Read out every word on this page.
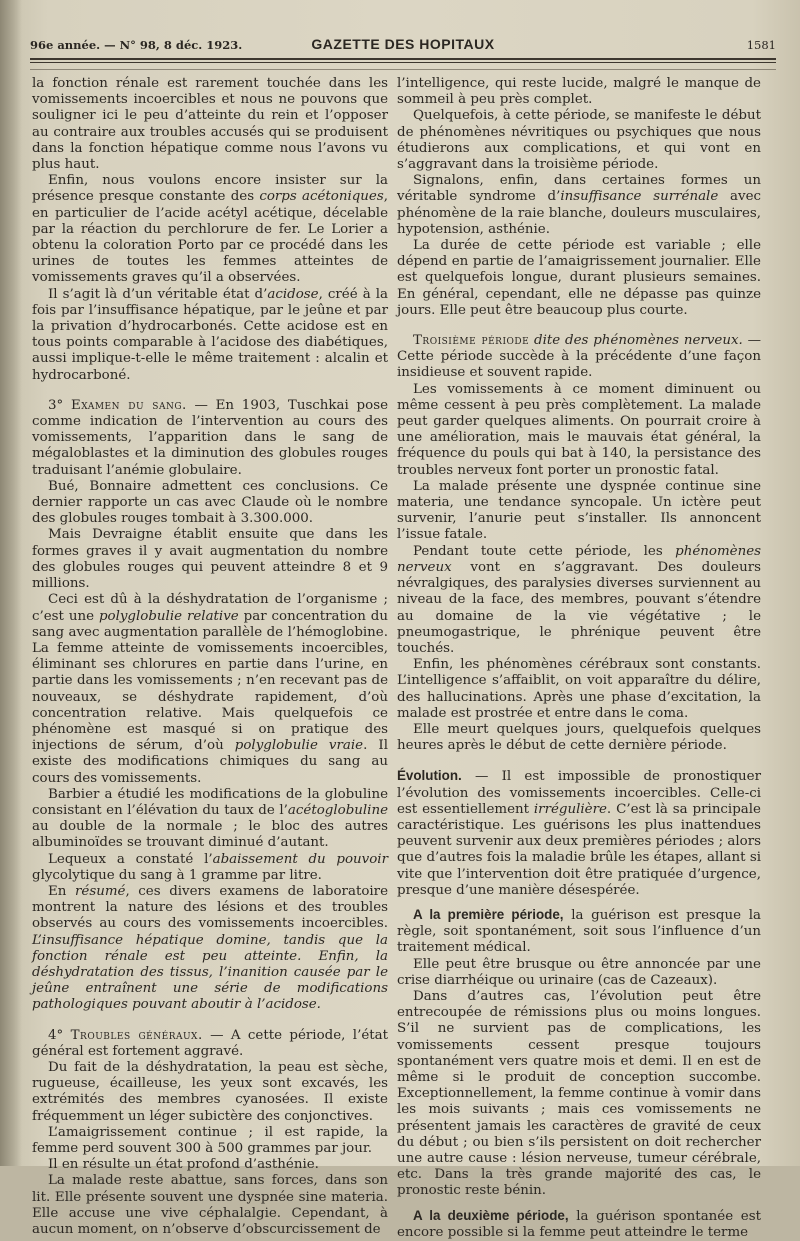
96e année. — N° 98, 8 déc. 1923.	GAZETTE DES HOPITAUX	1581

la fonction rénale est rarement touchée dans les vomissements incoercibles et nous ne pouvons que souligner ici le peu d’atteinte du rein et l’opposer au contraire aux troubles accusés qui se produisent dans la fonction hépatique comme nous l’avons vu plus haut.

Enfin, nous voulons encore insister sur la présence presque constante des corps acétoniques, en particulier de l’acide acétyl acétique, décelable par la réaction du perchlorure de fer. Le Lorier a obtenu la coloration Porto par ce procédé dans les urines de toutes les femmes atteintes de vomissements graves qu’il a observées.

Il s’agit là d’un véritable état d’acidose, créé à la fois par l’insuffisance hépatique, par le jeûne et par la privation d’hydrocarbonés. Cette acidose est en tous points comparable à l’acidose des diabétiques, aussi implique-t-elle le même traitement : alcalin et hydrocarboné.

3° Examen du sang. — En 1903, Tuschkai pose comme indication de l’intervention au cours des vomissements, l’apparition dans le sang de mégaloblastes et la diminution des globules rouges traduisant l’anémie globulaire.

Bué, Bonnaire admettent ces conclusions. Ce dernier rapporte un cas avec Claude où le nombre des globules rouges tombait à 3.300.000.

Mais Devraigne établit ensuite que dans les formes graves il y avait augmentation du nombre des globules rouges qui peuvent atteindre 8 et 9 millions.

Ceci est dû à la déshydratation de l’organisme ; c’est une polyglobulie relative par concentration du sang avec augmentation parallèle de l’hémoglobine. La femme atteinte de vomissements incoercibles, éliminant ses chlorures en partie dans l’urine, en partie dans les vomissements ; n’en recevant pas de nouveaux, se déshydrate rapidement, d’où concentration relative. Mais quelquefois ce phénomène est masqué si on pratique des injections de sérum, d’où polyglobulie vraie. Il existe des modifications chimiques du sang au cours des vomissements.

Barbier a étudié les modifications de la globuline consistant en l’élévation du taux de l’acétoglobuline au double de la normale ; le bloc des autres albuminoïdes se trouvant diminué d’autant.

Lequeux a constaté l’abaissement du pouvoir glycolytique du sang à 1 gramme par litre.

En résumé, ces divers examens de laboratoire montrent la nature des lésions et des troubles observés au cours des vomissements incoercibles. L’insuffisance hépatique domine, tandis que la fonction rénale est peu atteinte. Enfin, la déshydratation des tissus, l’inanition causée par le jeûne entraînent une série de modifications pathologiques pouvant aboutir à l’acidose.

4° Troubles généraux. — A cette période, l’état général est fortement aggravé.

Du fait de la déshydratation, la peau est sèche, rugueuse, écailleuse, les yeux sont excavés, les extrémités des membres cyanosées. Il existe fréquemment un léger subictère des conjonctives.

L’amaigrissement continue ; il est rapide, la femme perd souvent 300 à 500 grammes par jour.

Il en résulte un état profond d’asthénie.

La malade reste abattue, sans forces, dans son lit. Elle présente souvent une dyspnée sine materia. Elle accuse une vive céphalalgie. Cependant, à aucun moment, on n’observe d’obscurcissement de

l’intelligence, qui reste lucide, malgré le manque de sommeil à peu près complet.

Quelquefois, à cette période, se manifeste le début de phénomènes névritiques ou psychiques que nous étudierons aux complications, et qui vont en s’aggravant dans la troisième période.

Signalons, enfin, dans certaines formes un véritable syndrome d’insuffisance surrénale avec phénomène de la raie blanche, douleurs musculaires, hypotension, asthénie.

La durée de cette période est variable ; elle dépend en partie de l’amaigrissement journalier. Elle est quelquefois longue, durant plusieurs semaines. En général, cependant, elle ne dépasse pas quinze jours. Elle peut être beaucoup plus courte.

Troisième période dite des phénomènes nerveux. — Cette période succède à la précédente d’une façon insidieuse et souvent rapide.

Les vomissements à ce moment diminuent ou même cessent à peu près complètement. La malade peut garder quelques aliments. On pourrait croire à une amélioration, mais le mauvais état général, la fréquence du pouls qui bat à 140, la persistance des troubles nerveux font porter un pronostic fatal.

La malade présente une dyspnée continue sine materia, une tendance syncopale. Un ictère peut survenir, l’anurie peut s’installer. Ils annoncent l’issue fatale.

Pendant toute cette période, les phénomènes nerveux vont en s’aggravant. Des douleurs névralgiques, des paralysies diverses surviennent au niveau de la face, des membres, pouvant s’étendre au domaine de la vie végétative ; le pneumogastrique, le phrénique peuvent être touchés.

Enfin, les phénomènes cérébraux sont constants. L’intelligence s’affaiblit, on voit apparaître du délire, des hallucinations. Après une phase d’excitation, la malade est prostrée et entre dans le coma.

Elle meurt quelques jours, quelquefois quelques heures après le début de cette dernière période.

Évolution. — Il est impossible de pronostiquer l’évolution des vomissements incoercibles. Celle-ci est essentiellement irrégulière. C’est là sa principale caractéristique. Les guérisons les plus inattendues peuvent survenir aux deux premières périodes ; alors que d’autres fois la maladie brûle les étapes, allant si vite que l’intervention doit être pratiquée d’urgence, presque d’une manière désespérée.

A la première période, la guérison est presque la règle, soit spontanément, soit sous l’influence d’un traitement médical.

Elle peut être brusque ou être annoncée par une crise diarrhéique ou urinaire (cas de Cazeaux).

Dans d’autres cas, l’évolution peut être entrecoupée de rémissions plus ou moins longues. S’il ne survient pas de complications, les vomissements cessent presque toujours spontanément vers quatre mois et demi. Il en est de même si le produit de conception succombe. Exceptionnellement, la femme continue à vomir dans les mois suivants ; mais ces vomissements ne présentent jamais les caractères de gravité de ceux du début ; ou bien s’ils persistent on doit rechercher une autre cause : lésion nerveuse, tumeur cérébrale, etc. Dans la très grande majorité des cas, le pronostic reste bénin.

A la deuxième période, la guérison spontanée est encore possible si la femme peut atteindre le terme
